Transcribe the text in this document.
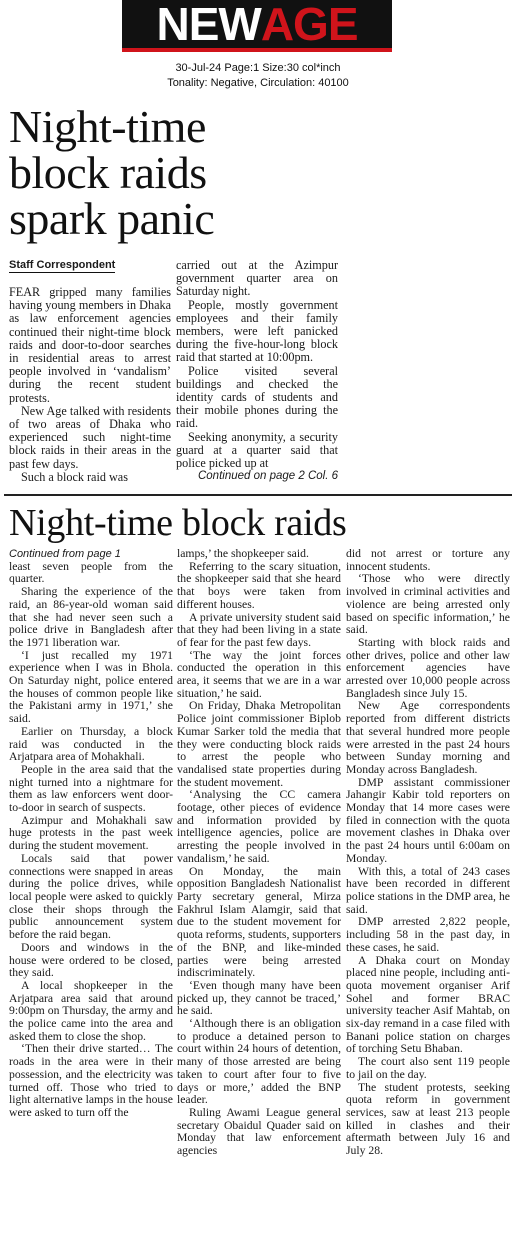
NEW AGE
30-Jul-24 Page:1 Size:30 col*inch
Tonality: Negative, Circulation: 40100
Night-time
block raids
spark panic
Staff Correspondent

FEAR gripped many families having young members in Dhaka as law enforcement agencies continued their night-time block raids and door-to-door searches in residential areas to arrest people involved in ‘vandalism’ during the recent student protests.

New Age talked with residents of two areas of Dhaka who experienced such night-time block raids in their areas in the past few days.

Such a block raid was

carried out at the Azimpur government quarter area on Saturday night.

People, mostly government employees and their family members, were left panicked during the five-hour-long block raid that started at 10:00pm.

Police visited several buildings and checked the identity cards of students and their mobile phones during the raid.

Seeking anonymity, a security guard at a quarter said that police picked up at

Continued on page 2 Col. 6

Night-time block raids

Continued from page 1

least seven people from the quarter.

Sharing the experience of the raid, an 86-year-old woman said that she had never seen such a police drive in Bangladesh after the 1971 liberation war.

‘I just recalled my 1971 experience when I was in Bhola. On Saturday night, police entered the houses of common people like the Pakistani army in 1971,’ she said.

Earlier on Thursday, a block raid was conducted in the Arjatpara area of Mohakhali.

People in the area said that the night turned into a nightmare for them as law enforcers went door-to-door in search of suspects.

Azimpur and Mohakhali saw huge protests in the past week during the student movement.

Locals said that power connections were snapped in areas during the police drives, while local people were asked to quickly close their shops through the public announcement system before the raid began.

Doors and windows in the house were ordered to be closed, they said.

A local shopkeeper in the Arjatpara area said that around 9:00pm on Thursday, the army and the police came into the area and asked them to close the shop.

‘Then their drive started… The roads in the area were in their possession, and the electricity was turned off. Those who tried to light alternative lamps in the house were asked to turn off the

lamps,’ the shopkeeper said.

Referring to the scary situation, the shopkeeper said that she heard that boys were taken from different houses.

A private university student said that they had been living in a state of fear for the past few days.

‘The way the joint forces conducted the operation in this area, it seems that we are in a war situation,’ he said.

On Friday, Dhaka Metropolitan Police joint commissioner Biplob Kumar Sarker told the media that they were conducting block raids to arrest the people who vandalised state properties during the student movement.

‘Analysing the CC camera footage, other pieces of evidence and information provided by intelligence agencies, police are arresting the people involved in vandalism,’ he said.

On Monday, the main opposition Bangladesh Nationalist Party secretary general, Mirza Fakhrul Islam Alamgir, said that due to the student movement for quota reforms, students, supporters of the BNP, and like-minded parties were being arrested indiscriminately.

‘Even though many have been picked up, they cannot be traced,’ he said.

‘Although there is an obligation to produce a detained person to court within 24 hours of detention, many of those arrested are being taken to court after four to five days or more,’ added the BNP leader.

Ruling Awami League general secretary Obaidul Quader said on Monday that law enforcement agencies

did not arrest or torture any innocent students.

‘Those who were directly involved in criminal activities and violence are being arrested only based on specific information,’ he said.

Starting with block raids and other drives, police and other law enforcement agencies have arrested over 10,000 people across Bangladesh since July 15.

New Age correspondents reported from different districts that several hundred more people were arrested in the past 24 hours between Sunday morning and Monday across Bangladesh.

DMP assistant commissioner Jahangir Kabir told reporters on Monday that 14 more cases were filed in connection with the quota movement clashes in Dhaka over the past 24 hours until 6:00am on Monday.

With this, a total of 243 cases have been recorded in different police stations in the DMP area, he said.

DMP arrested 2,822 people, including 58 in the past day, in these cases, he said.

A Dhaka court on Monday placed nine people, including anti-quota movement organiser Arif Sohel and former BRAC university teacher Asif Mahtab, on six-day remand in a case filed with Banani police station on charges of torching Setu Bhaban.

The court also sent 119 people to jail on the day.

The student protests, seeking quota reform in government services, saw at least 213 people killed in clashes and their aftermath between July 16 and July 28.
